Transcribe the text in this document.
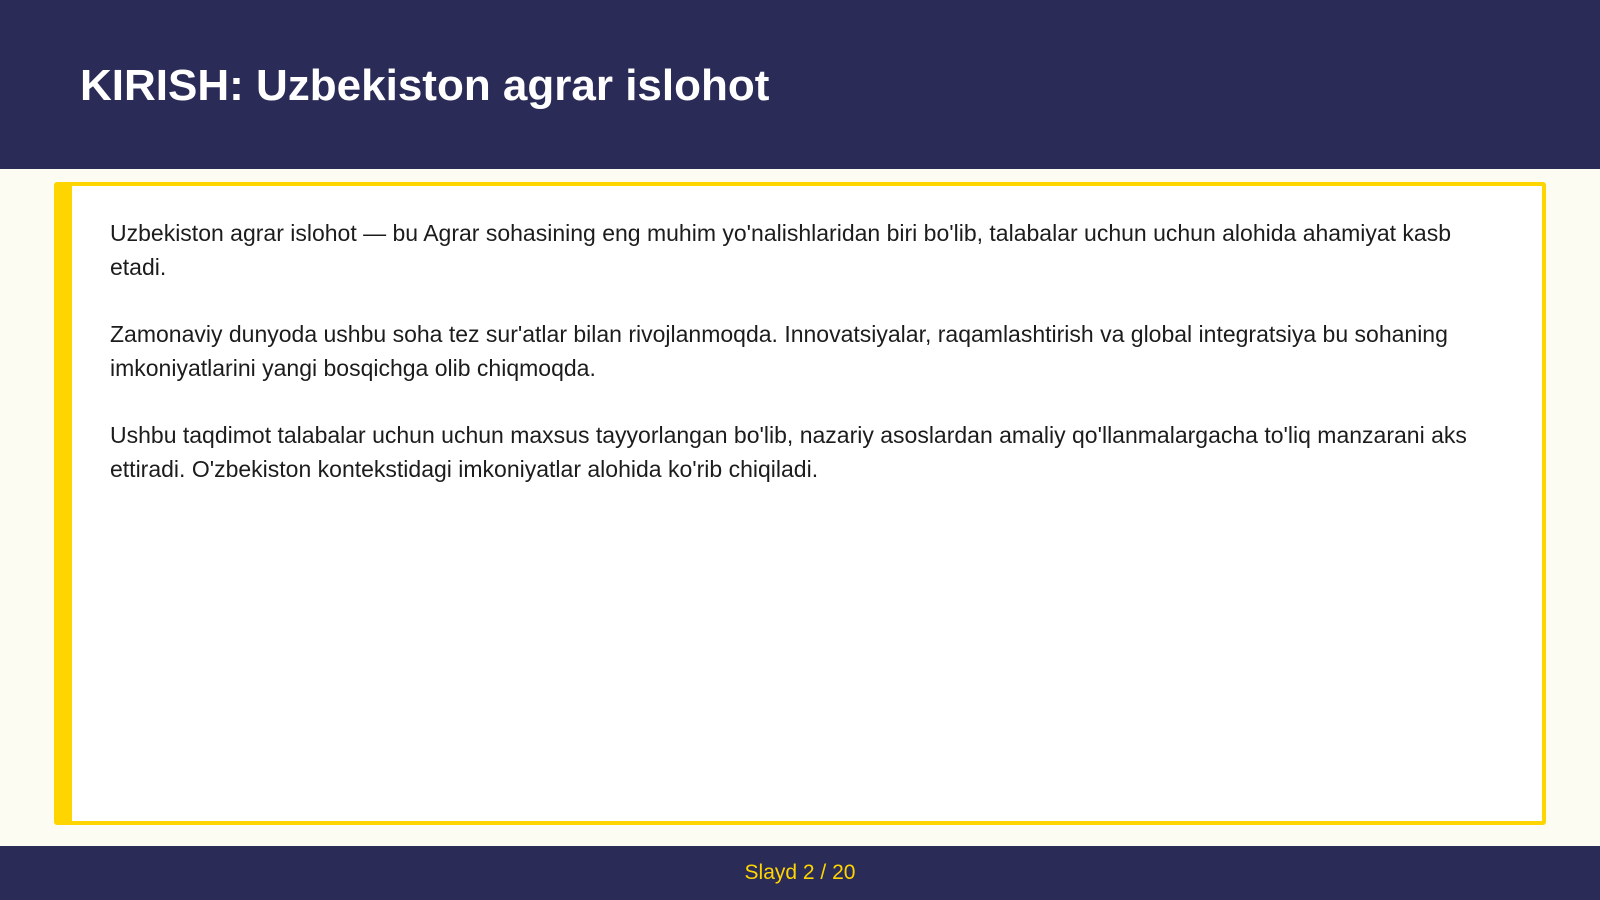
KIRISH: Uzbekiston agrar islohot

Uzbekiston agrar islohot — bu Agrar sohasining eng muhim yo'nalishlaridan biri bo'lib, talabalar uchun uchun alohida ahamiyat kasb etadi.

Zamonaviy dunyoda ushbu soha tez sur'atlar bilan rivojlanmoqda. Innovatsiyalar, raqamlashtirish va global integratsiya bu sohaning imkoniyatlarini yangi bosqichga olib chiqmoqda.

Ushbu taqdimot talabalar uchun uchun maxsus tayyorlangan bo'lib, nazariy asoslardan amaliy qo'llanmalargacha to'liq manzarani aks ettiradi. O'zbekiston kontekstidagi imkoniyatlar alohida ko'rib chiqiladi.

Slayd 2 / 20
